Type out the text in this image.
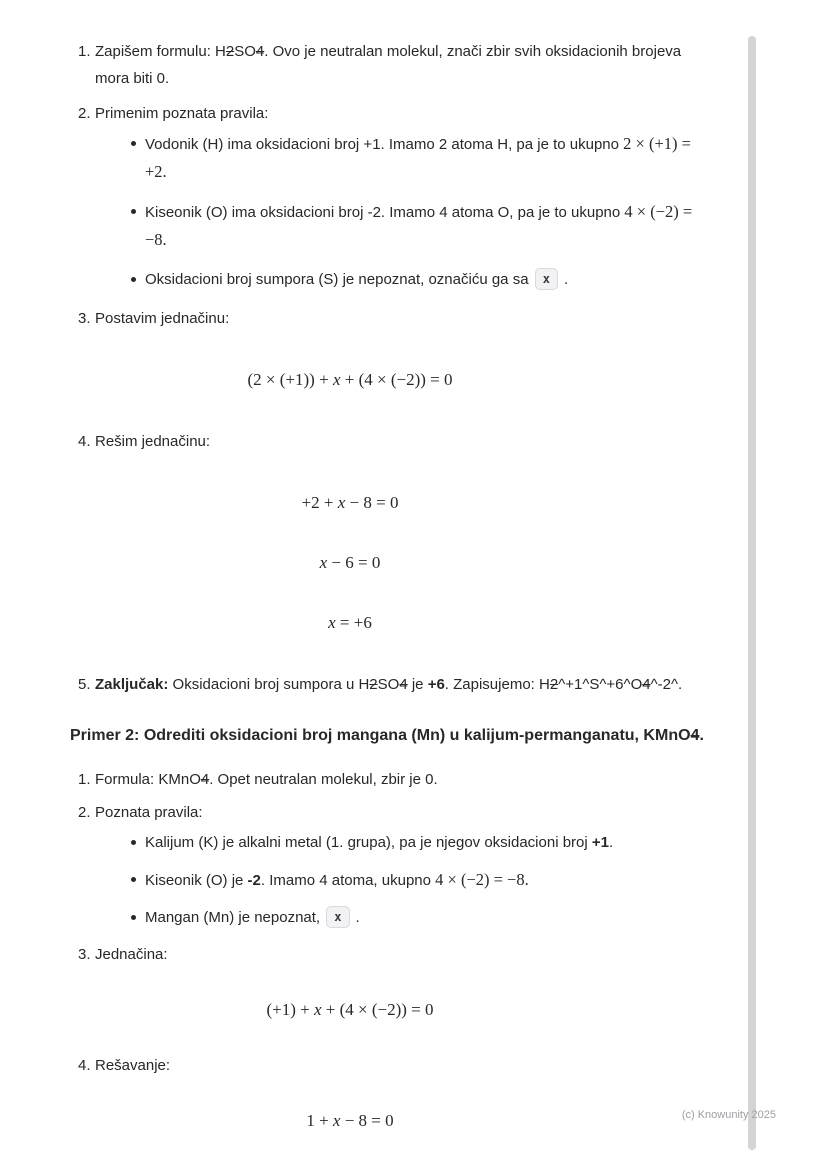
1. Zapišem formulu: H2SO4. Ovo je neutralan molekul, znači zbir svih oksidacionih brojeva mora biti 0.
2. Primenim poznata pravila:
Vodonik (H) ima oksidacioni broj +1. Imamo 2 atoma H, pa je to ukupno 2 × (+1) = +2.
Kiseonik (O) ima oksidacioni broj -2. Imamo 4 atoma O, pa je to ukupno 4 × (−2) = −8.
Oksidacioni broj sumpora (S) je nepoznat, označiću ga sa x .
3. Postavim jednačinu:
(2 × (+1)) + x + (4 × (−2)) = 0
4. Rešim jednačinu:
+2 + x − 8 = 0
x − 6 = 0
x = +6
5. Zaključak: Oksidacioni broj sumpora u H2SO4 je +6. Zapisujemo: H2^+1^S^+6^O4^-2^.
Primer 2: Odrediti oksidacioni broj mangana (Mn) u kalijum-permanganatu, KMnO4.
1. Formula: KMnO4. Opet neutralan molekul, zbir je 0.
2. Poznata pravila:
Kalijum (K) je alkalni metal (1. grupa), pa je njegov oksidacioni broj +1.
Kiseonik (O) je -2. Imamo 4 atoma, ukupno 4 × (−2) = −8.
Mangan (Mn) je nepoznat, x .
3. Jednačina:
(+1) + x + (4 × (−2)) = 0
4. Rešavanje:
1 + x − 8 = 0	(c) Knowunity 2025
